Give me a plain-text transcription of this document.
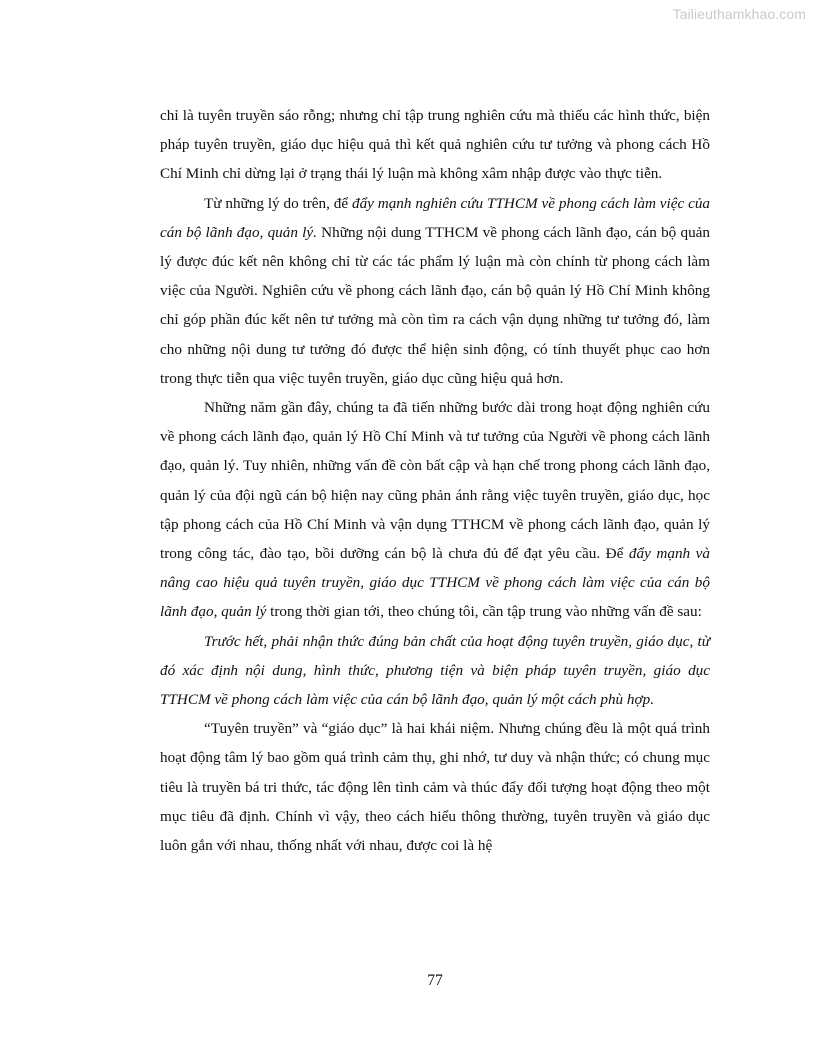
Tailieuthamkhao.com

chỉ là tuyên truyền sáo rỗng; nhưng chỉ tập trung nghiên cứu mà thiếu các hình thức, biện pháp tuyên truyền, giáo dục hiệu quả thì kết quả nghiên cứu tư tưởng và phong cách Hồ Chí Minh chỉ dừng lại ở trạng thái lý luận mà không xâm nhập được vào thực tiễn.

Từ những lý do trên, để đẩy mạnh nghiên cứu TTHCM về phong cách làm việc của cán bộ lãnh đạo, quản lý. Những nội dung TTHCM về phong cách lãnh đạo, cán bộ quản lý được đúc kết nên không chỉ từ các tác phẩm lý luận mà còn chính từ phong cách làm việc của Người. Nghiên cứu về phong cách lãnh đạo, cán bộ quản lý Hồ Chí Minh không chỉ góp phần đúc kết nên tư tưởng mà còn tìm ra cách vận dụng những tư tưởng đó, làm cho những nội dung tư tưởng đó được thể hiện sinh động, có tính thuyết phục cao hơn trong thực tiễn qua việc tuyên truyền, giáo dục cũng hiệu quả hơn.

Những năm gần đây, chúng ta đã tiến những bước dài trong hoạt động nghiên cứu về phong cách lãnh đạo, quản lý Hồ Chí Minh và tư tưởng của Người về phong cách lãnh đạo, quản lý. Tuy nhiên, những vấn đề còn bất cập và hạn chế trong phong cách lãnh đạo, quản lý của đội ngũ cán bộ hiện nay cũng phản ánh rằng việc tuyên truyền, giáo dục, học tập phong cách của Hồ Chí Minh và vận dụng TTHCM về phong cách lãnh đạo, quản lý trong công tác, đào tạo, bồi dưỡng cán bộ là chưa đủ để đạt yêu cầu. Để đẩy mạnh và nâng cao hiệu quả tuyên truyền, giáo dục TTHCM về phong cách làm việc của cán bộ lãnh đạo, quản lý trong thời gian tới, theo chúng tôi, cần tập trung vào những vấn đề sau:

Trước hết, phải nhận thức đúng bản chất của hoạt động tuyên truyền, giáo dục, từ đó xác định nội dung, hình thức, phương tiện và biện pháp tuyên truyền, giáo dục TTHCM về phong cách làm việc của cán bộ lãnh đạo, quản lý một cách phù hợp.

“Tuyên truyền” và “giáo dục” là hai khái niệm. Nhưng chúng đều là một quá trình hoạt động tâm lý bao gồm quá trình cảm thụ, ghi nhớ, tư duy và nhận thức; có chung mục tiêu là truyền bá tri thức, tác động lên tình cảm và thúc đẩy đối tượng hoạt động theo một mục tiêu đã định. Chính vì vậy, theo cách hiểu thông thường, tuyên truyền và giáo dục luôn gắn với nhau, thống nhất với nhau, được coi là hệ

77
